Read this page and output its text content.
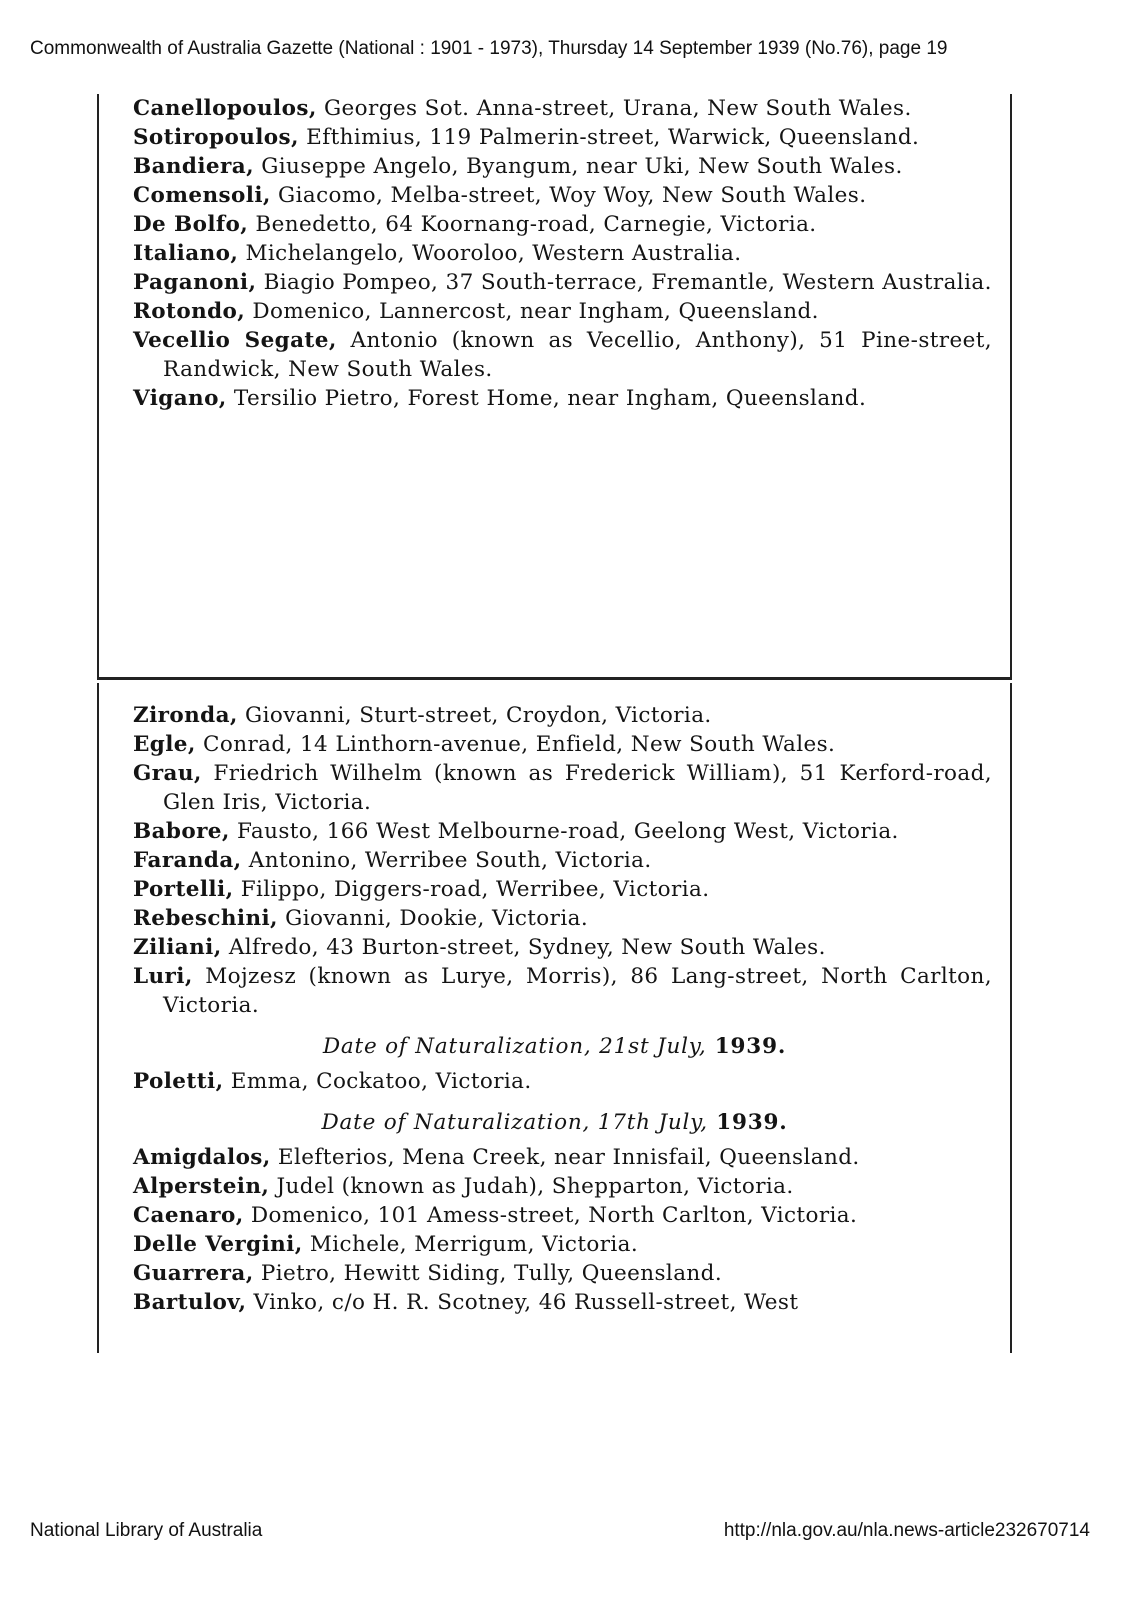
Commonwealth of Australia Gazette (National : 1901 - 1973), Thursday 14 September 1939 (No.76), page 19
Canellopoulos, Georges Sot. Anna-street, Urana, New South Wales.
Sotiropoulos, Efthimius, 119 Palmerin-street, Warwick, Queensland.
Bandiera, Giuseppe Angelo, Byangum, near Uki, New South Wales.
Comensoli, Giacomo, Melba-street, Woy Woy, New South Wales.
De Bolfo, Benedetto, 64 Koornang-road, Carnegie, Victoria.
Italiano, Michelangelo, Wooroloo, Western Australia.
Paganoni, Biagio Pompeo, 37 South-terrace, Fremantle, Western Australia.
Rotondo, Domenico, Lannercost, near Ingham, Queensland.
Vecellio Segate, Antonio (known as Vecellio, Anthony), 51 Pine-street, Randwick, New South Wales.
Vigano, Tersilio Pietro, Forest Home, near Ingham, Queensland.
Zironda, Giovanni, Sturt-street, Croydon, Victoria.
Egle, Conrad, 14 Linthorn-avenue, Enfield, New South Wales.
Grau, Friedrich Wilhelm (known as Frederick William), 51 Kerford-road, Glen Iris, Victoria.
Babore, Fausto, 166 West Melbourne-road, Geelong West, Victoria.
Faranda, Antonino, Werribee South, Victoria.
Portelli, Filippo, Diggers-road, Werribee, Victoria.
Rebeschini, Giovanni, Dookie, Victoria.
Ziliani, Alfredo, 43 Burton-street, Sydney, New South Wales.
Luri, Mojzesz (known as Lurye, Morris), 86 Lang-street, North Carlton, Victoria.
Date of Naturalization, 21st July, 1939.
Poletti, Emma, Cockatoo, Victoria.
Date of Naturalization, 17th July, 1939.
Amigdalos, Elefterios, Mena Creek, near Innisfail, Queensland.
Alperstein, Judel (known as Judah), Shepparton, Victoria.
Caenaro, Domenico, 101 Amess-street, North Carlton, Victoria.
Delle Vergini, Michele, Merrigum, Victoria.
Guarrera, Pietro, Hewitt Siding, Tully, Queensland.
Bartulov, Vinko, c/o H. R. Scotney, 46 Russell-street, West
National Library of Australia	http://nla.gov.au/nla.news-article232670714
